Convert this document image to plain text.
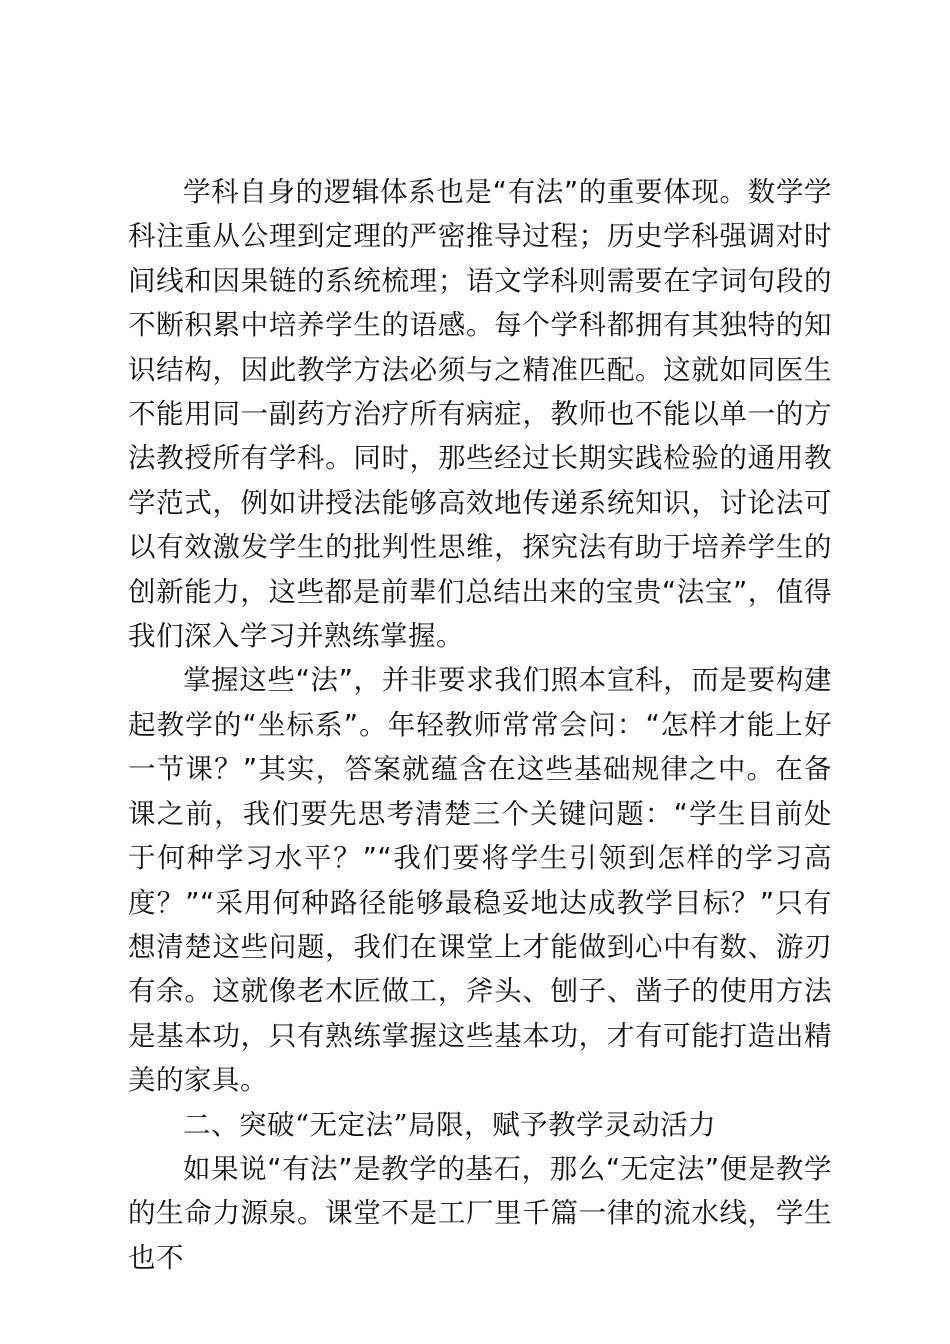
学科自身的逻辑体系也是“有法”的重要体现。数学学科注重从公理到定理的严密推导过程；历史学科强调对时间线和因果链的系统梳理；语文学科则需要在字词句段的不断积累中培养学生的语感。每个学科都拥有其独特的知识结构，因此教学方法必须与之精准匹配。这就如同医生不能用同一副药方治疗所有病症，教师也不能以单一的方法教授所有学科。同时，那些经过长期实践检验的通用教学范式，例如讲授法能够高效地传递系统知识，讨论法可以有效激发学生的批判性思维，探究法有助于培养学生的创新能力，这些都是前辈们总结出来的宝贵“法宝”，值得我们深入学习并熟练掌握。

掌握这些“法”，并非要求我们照本宣科，而是要构建起教学的“坐标系”。年轻教师常常会问：“怎样才能上好一节课？”其实，答案就蕴含在这些基础规律之中。在备课之前，我们要先思考清楚三个关键问题：“学生目前处于何种学习水平？”“我们要将学生引领到怎样的学习高度？”“采用何种路径能够最稳妥地达成教学目标？”只有想清楚这些问题，我们在课堂上才能做到心中有数、游刃有余。这就像老木匠做工，斧头、刨子、凿子的使用方法是基本功，只有熟练掌握这些基本功，才有可能打造出精美的家具。

二、突破“无定法”局限，赋予教学灵动活力

如果说“有法”是教学的基石，那么“无定法”便是教学的生命力源泉。课堂不是工厂里千篇一律的流水线，学生也不
